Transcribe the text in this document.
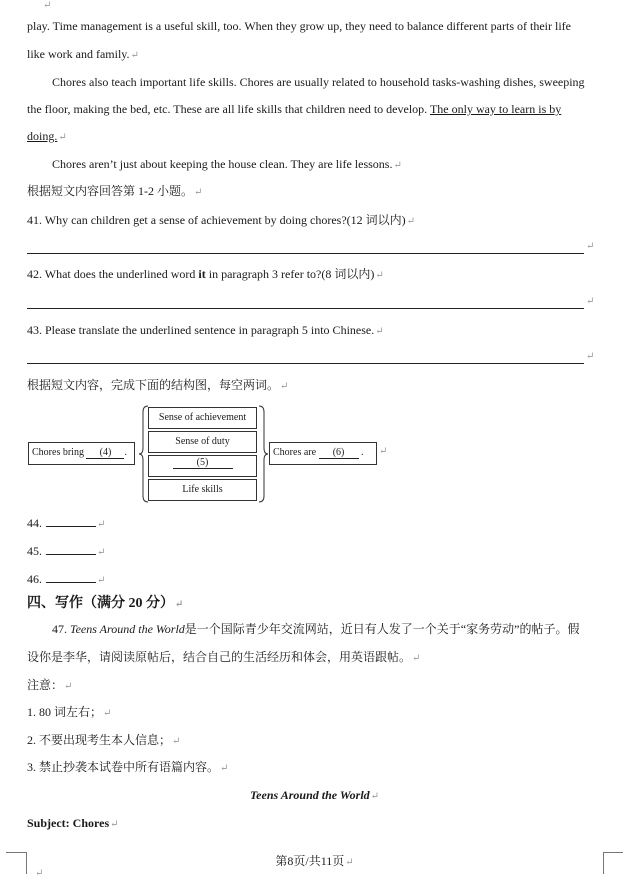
↵
play. Time management is a useful skill, too. When they grow up, they need to balance different parts of their life
like work and family.↵
Chores also teach important life skills. Chores are usually related to household tasks-washing dishes, sweeping
the floor, making the bed, etc. These are all life skills that children need to develop. The only way to learn is by
doing.↵
Chores aren’t just about keeping the house clean. They are life lessons.↵
根据短文内容回答第 1-2 小题。↵
41. Why can children get a sense of achievement by doing chores?(12 词以内)↵
↵
42. What does the underlined word it in paragraph 3 refer to?(8 词以内)↵
↵
43. Please translate the underlined sentence in paragraph 5 into Chinese.↵
↵
根据短文内容，完成下面的结构图，每空两词。↵
Chores bring (4) .
Sense of achievement
Sense of duty
(5)
Life skills
Chores are (6) . ↵
44.	↵
45.	↵
46.	↵
四、写作（满分 20 分）↵
47. Teens Around the World是一个国际青少年交流网站，近日有人发了一个关于“家务劳动”的帖子。假
设你是李华，请阅读原帖后，结合自己的生活经历和体会，用英语跟帖。↵
注意：↵
1. 80 词左右；↵
2. 不要出现考生本人信息；↵
3. 禁止抄袭本试卷中所有语篇内容。↵
Teens Around the World↵
Subject: Chores↵
第8页/共11页↵
↵
